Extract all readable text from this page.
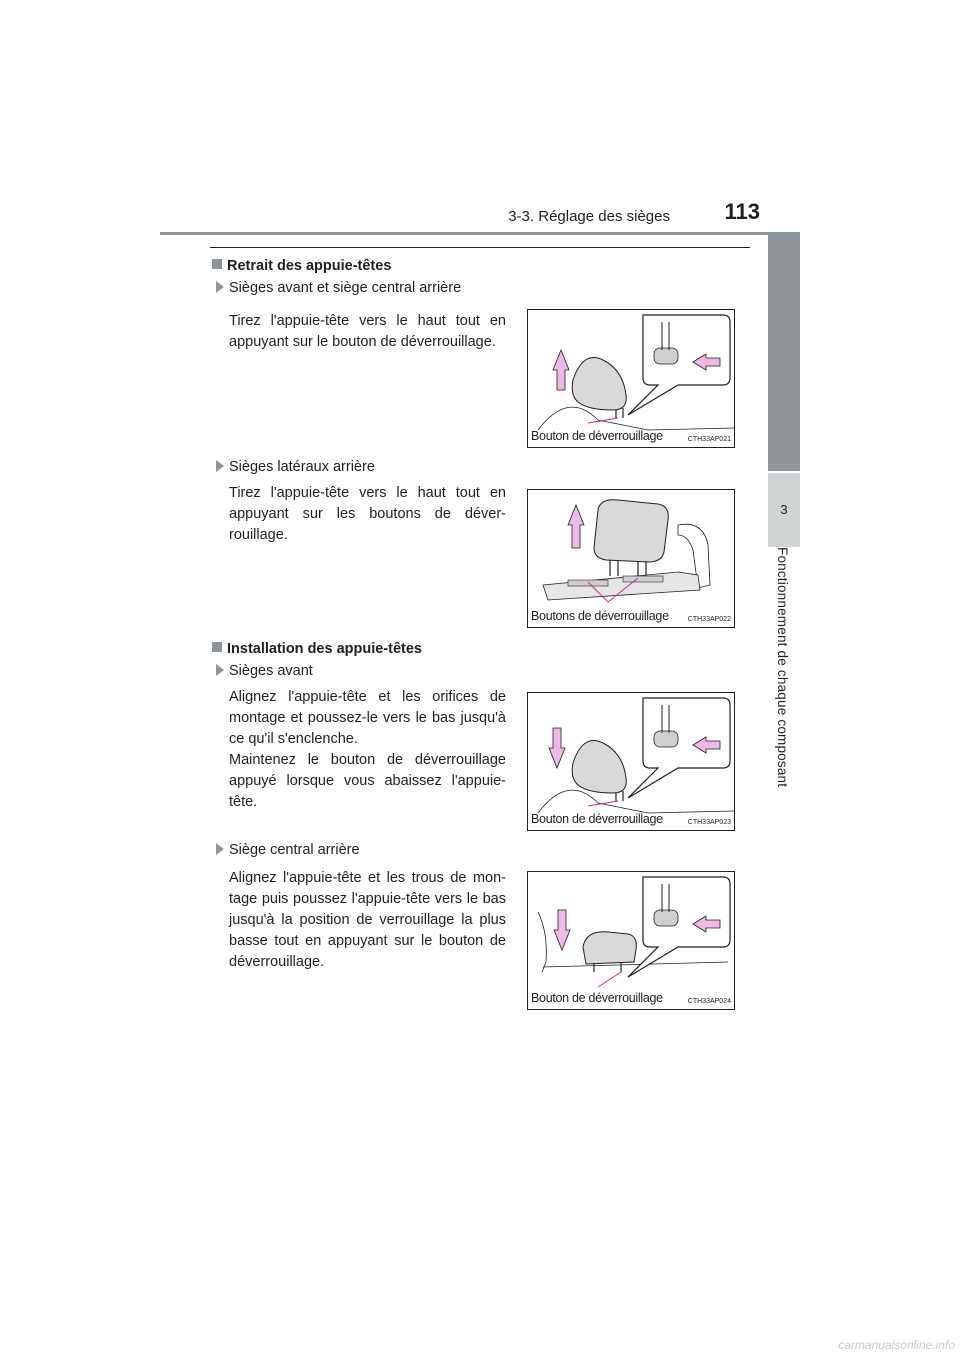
3-3. Réglage des sièges	113
3
Fonctionnement de chaque composant
Retrait des appuie-têtes
Sièges avant et siège central arrière
Tirez l'appuie-tête vers le haut tout en appuyant sur le bouton de déverrouillage.
Bouton de déverrouillage	CTH33AP021
Sièges latéraux arrière
Tirez l'appuie-tête vers le haut tout en appuyant sur les boutons de déver-rouillage.
Boutons de déverrouillage	CTH33AP022
Installation des appuie-têtes
Sièges avant
Alignez l'appuie-tête et les orifices de montage et poussez-le vers le bas jusqu'à ce qu'il s'enclenche.
Maintenez le bouton de déverrouillage appuyé lorsque vous abaissez l'appuie-tête.
Bouton de déverrouillage	CTH33AP023
Siège central arrière
Alignez l'appuie-tête et les trous de mon-tage puis poussez l'appuie-tête vers le bas jusqu'à la position de verrouillage la plus basse tout en appuyant sur le bouton de déverrouillage.
Bouton de déverrouillage	CTH33AP024
carmanualsonline.info
